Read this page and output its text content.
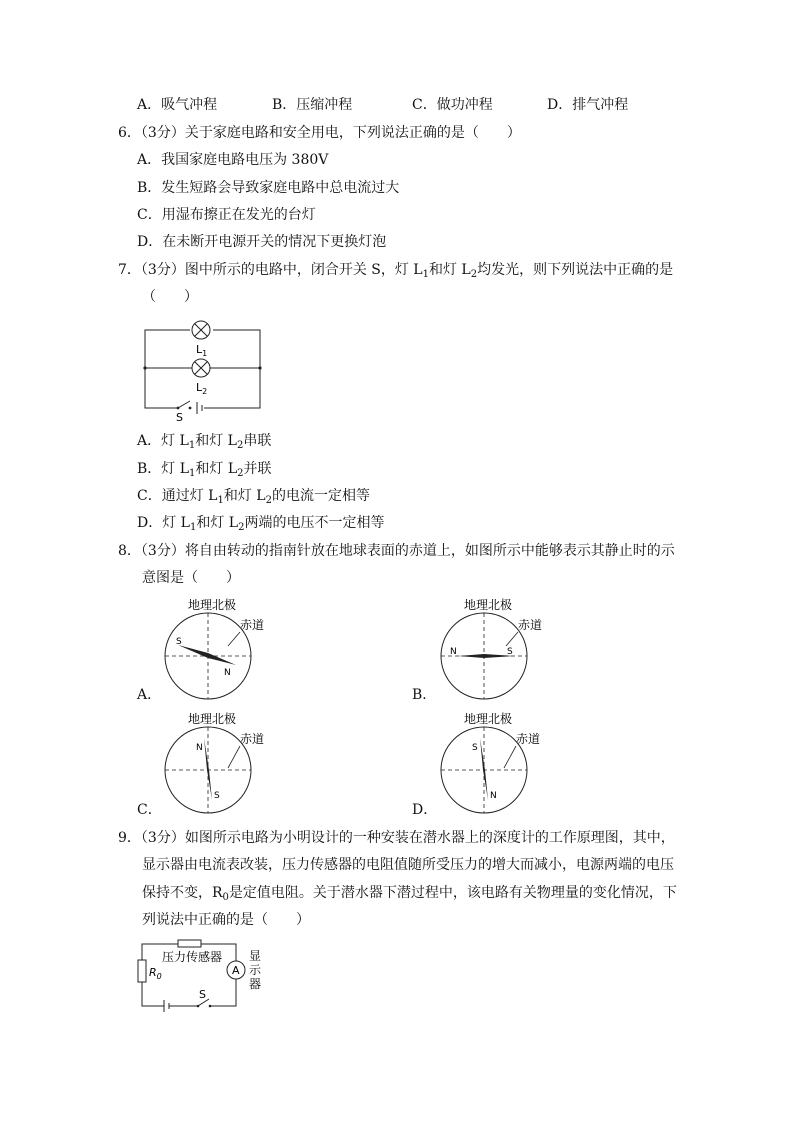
A．吸气冲程	B．压缩冲程	C．做功冲程	D．排气冲程
6．（3分）关于家庭电路和安全用电，下列说法正确的是（　　）
A．我国家庭电路电压为 380V
B．发生短路会导致家庭电路中总电流过大
C．用湿布擦正在发光的台灯
D．在未断开电源开关的情况下更换灯泡
7．（3分）图中所示的电路中，闭合开关 S，灯 $L_1$和灯 $L_2$均发光，则下列说法中正确的是
（　　）
$L_1$
$L_2$
S
A．灯 $L_1$和灯 $L_2$串联
B．灯 $L_1$和灯 $L_2$并联
C．通过灯 $L_1$和灯 $L_2$的电流一定相等
D．灯 $L_1$和灯 $L_2$两端的电压不一定相等
8．（3分）将自由转动的指南针放在地球表面的赤道上，如图所示中能够表示其静止时的示
意图是（　　）
地理北极
赤道
S
N
A．
地理北极
赤道
N	S
B．
地理北极
赤道
N
S
C．
地理北极
赤道
S
N
D．
9．（3分）如图所示电路为小明设计的一种安装在潜水器上的深度计的工作原理图，其中，
显示器由电流表改装，压力传感器的电阻值随所受压力的增大而减小，电源两端的电压
保持不变，$R_0$是定值电阻。关于潜水器下潜过程中，该电路有关物理量的变化情况，下
列说法中正确的是（　　）
压力传感器
$R_0$	A
显
示
器
S
